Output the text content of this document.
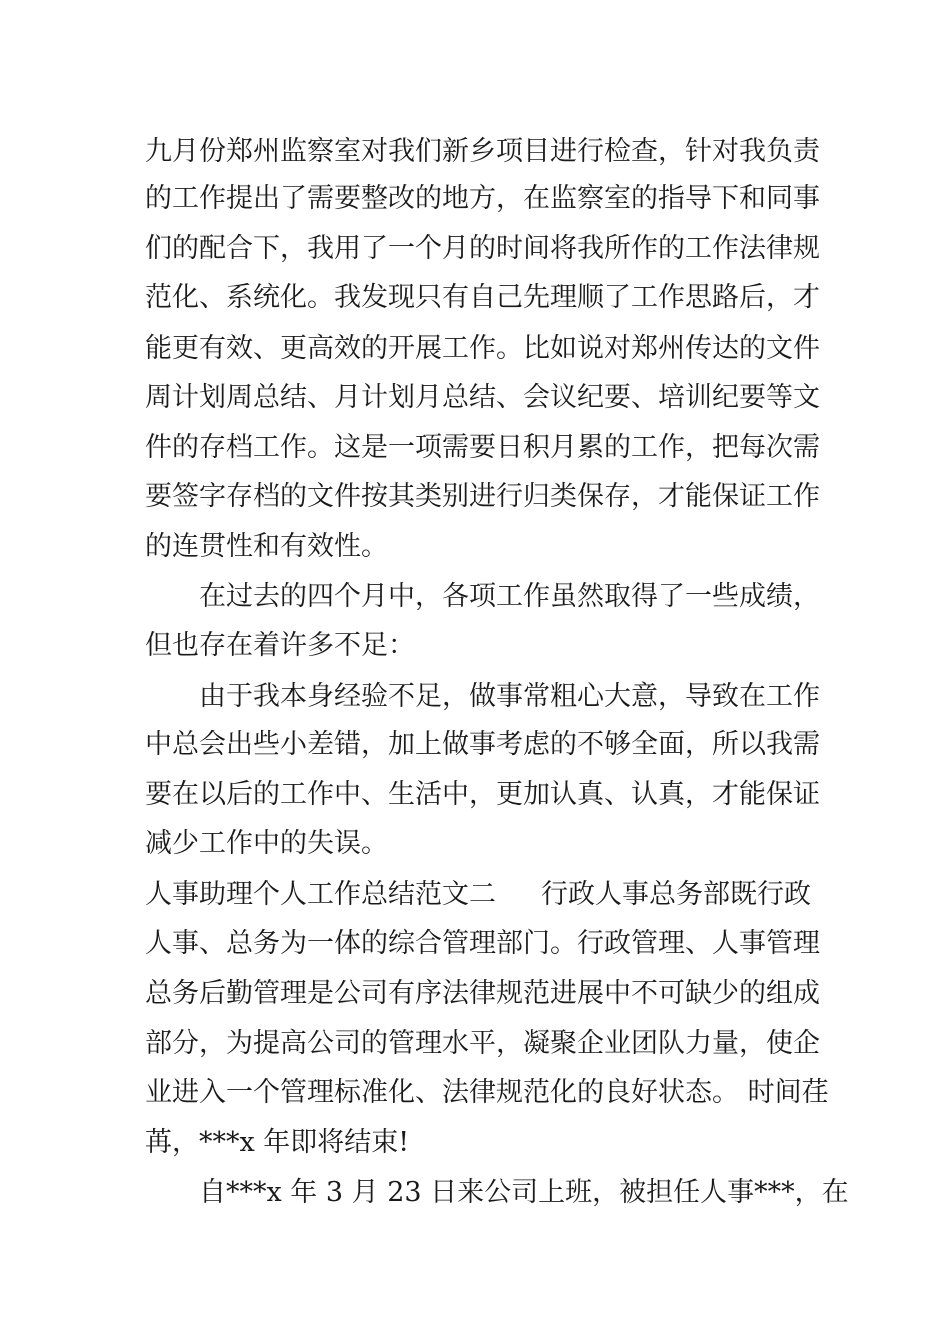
九月份郑州监察室对我们新乡项目进行检查，针对我负责
的工作提出了需要整改的地方，在监察室的指导下和同事
们的配合下，我用了一个月的时间将我所作的工作法律规
范化、系统化。我发现只有自己先理顺了工作思路后，才
能更有效、更高效的开展工作。比如说对郑州传达的文件
周计划周总结、月计划月总结、会议纪要、培训纪要等文
件的存档工作。这是一项需要日积月累的工作，把每次需
要签字存档的文件按其类别进行归类保存，才能保证工作
的连贯性和有效性。
在过去的四个月中，各项工作虽然取得了一些成绩，
但也存在着许多不足：
由于我本身经验不足，做事常粗心大意，导致在工作
中总会出些小差错，加上做事考虑的不够全面，所以我需
要在以后的工作中、生活中，更加认真、认真，才能保证
减少工作中的失误。
人事助理个人工作总结范文二 行政人事总务部既行政
人事、总务为一体的综合管理部门。行政管理、人事管理
总务后勤管理是公司有序法律规范进展中不可缺少的组成
部分，为提高公司的管理水平，凝聚企业团队力量，使企
业进入一个管理标准化、法律规范化的良好状态。 时间荏
苒，***x 年即将结束!
自***x 年 3 月 23 日来公司上班，被担任人事***，在
